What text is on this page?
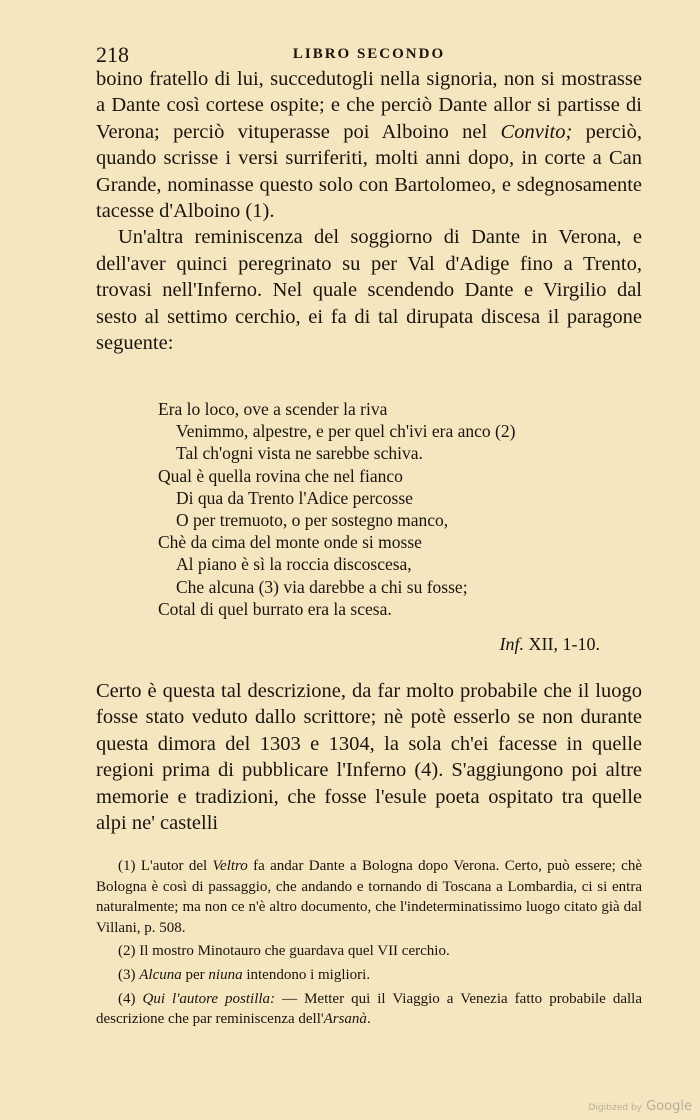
218	LIBRO SECONDO

boino fratello di lui, succedutogli nella signoria, non si mostrasse a Dante così cortese ospite; e che perciò Dante allor si partisse di Verona; perciò vituperasse poi Alboino nel Convito; perciò, quando scrisse i versi surriferiti, molti anni dopo, in corte a Can Grande, nominasse questo solo con Bartolomeo, e sdegnosamente tacesse d'Alboino (1).

Un'altra reminiscenza del soggiorno di Dante in Verona, e dell'aver quinci peregrinato su per Val d'Adige fino a Trento, trovasi nell'Inferno. Nel quale scendendo Dante e Virgilio dal sesto al settimo cerchio, ei fa di tal dirupata discesa il paragone seguente:

Era lo loco, ove a scender la riva
Venimmo, alpestre, e per quel ch'ivi era anco (2)
Tal ch'ogni vista ne sarebbe schiva.
Qual è quella rovina che nel fianco
Di qua da Trento l'Adice percosse
O per tremuoto, o per sostegno manco,
Chè da cima del monte onde si mosse
Al piano è sì la roccia discoscesa,
Che alcuna (3) via darebbe a chi su fosse;
Cotal di quel burrato era la scesa.
Inf. XII, 1-10.
Certo è questa tal descrizione, da far molto probabile che il luogo fosse stato veduto dallo scrittore; nè potè esserlo se non durante questa dimora del 1303 e 1304, la sola ch'ei facesse in quelle regioni prima di pubblicare l'Inferno (4). S'aggiungono poi altre memorie e tradizioni, che fosse l'esule poeta ospitato tra quelle alpi ne' castelli

(1) L'autor del Veltro fa andar Dante a Bologna dopo Verona. Certo, può essere; chè Bologna è così di passaggio, che andando e tornando di Toscana a Lombardia, ci si entra naturalmente; ma non ce n'è altro documento, che l'indeterminatissimo luogo citato già dal Villani, p. 508.

(2) Il mostro Minotauro che guardava quel VII cerchio.

(3) Alcuna per niuna intendono i migliori.

(4) Qui l'autore postilla: — Metter qui il Viaggio a Venezia fatto probabile dalla descrizione che par reminiscenza dell'Arsanà.

Digitized by Google
